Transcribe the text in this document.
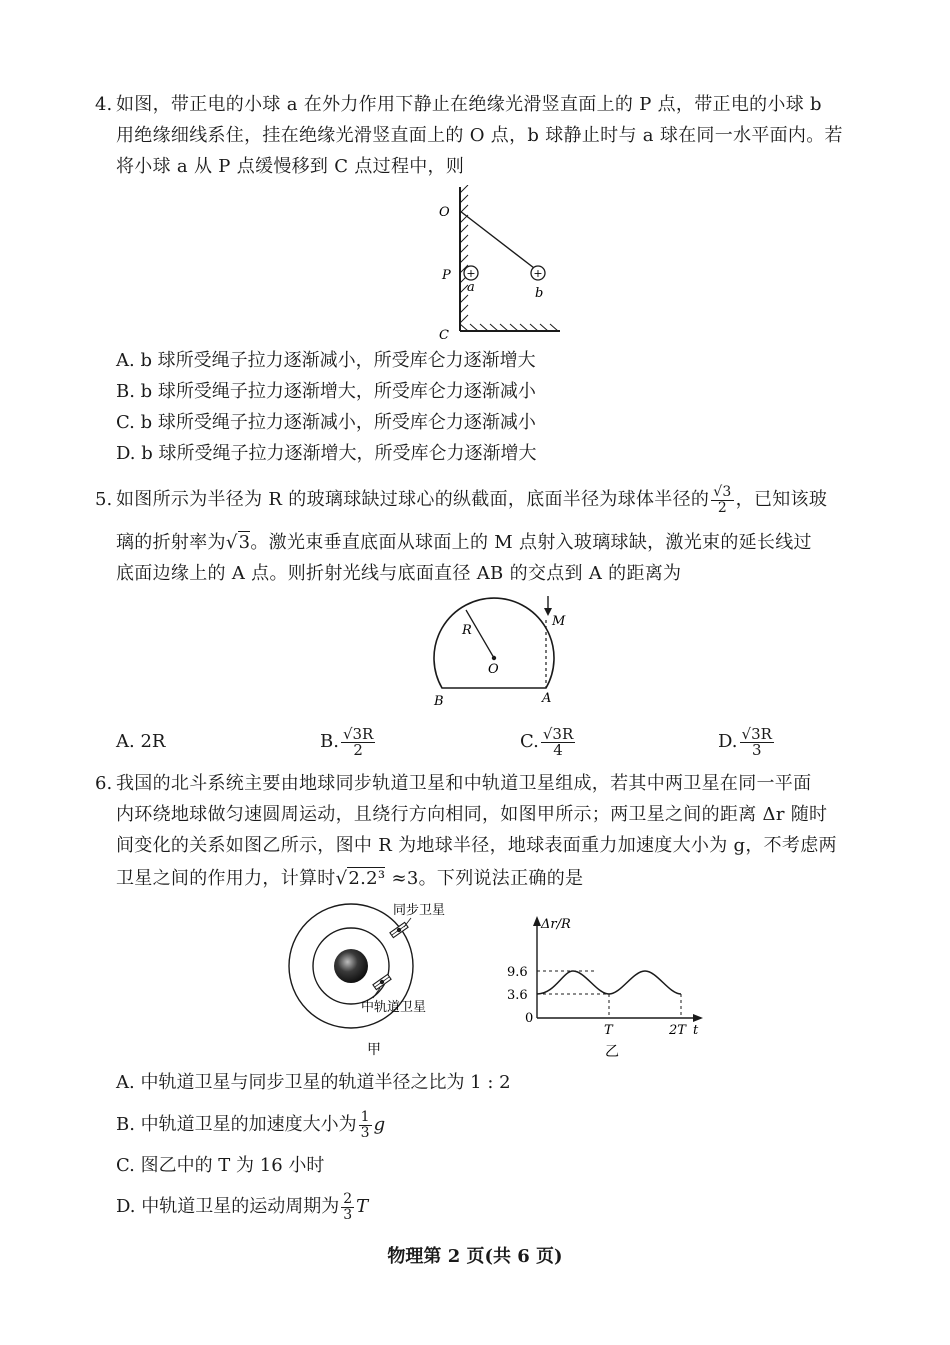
4. 如图，带正电的小球 a 在外力作用下静止在绝缘光滑竖直面上的 P 点，带正电的小球 b
用绝缘细线系住，挂在绝缘光滑竖直面上的 O 点，b 球静止时与 a 球在同一水平面内。若
将小球 a 从 P 点缓慢移到 C 点过程中，则
+	+
O
P
C
a	b
A. b 球所受绳子拉力逐渐减小，所受库仑力逐渐增大
B. b 球所受绳子拉力逐渐增大，所受库仑力逐渐减小
C. b 球所受绳子拉力逐渐减小，所受库仑力逐渐减小
D. b 球所受绳子拉力逐渐增大，所受库仑力逐渐增大
5. 如图所示为半径为 R 的玻璃球缺过球心的纵截面，底面半径为球体半径的 $\frac{√3}{2}$ ，已知该玻
璃的折射率为√3。激光束垂直底面从球面上的 M 点射入玻璃球缺，激光束的延长线过
底面边缘上的 A 点。则折射光线与底面直径 AB 的交点到 A 的距离为
R
O
M
A
B
A. 2R	B. $\frac{√3R}{2}$	C. $\frac{√3R}{4}$	D. $\frac{√3R}{3}$
6. 我国的北斗系统主要由地球同步轨道卫星和中轨道卫星组成，若其中两卫星在同一平面
内环绕地球做匀速圆周运动，且绕行方向相同，如图甲所示；两卫星之间的距离 Δr 随时
间变化的关系如图乙所示，图中 R 为地球半径，地球表面重力加速度大小为 g，不考虑两
卫星之间的作用力，计算时√2.2³ ≈3。下列说法正确的是
同步卫星
中轨道卫星
甲
Δr/R
9.6
3.6
0
T	2T t
乙
A. 中轨道卫星与同步卫星的轨道半径之比为 1 : 2
B. 中轨道卫星的加速度大小为 $\frac{1}{3}$ g
C. 图乙中的 T 为 16 小时
D. 中轨道卫星的运动周期为 $\frac{2}{3}$ T
物理第 2 页(共 6 页)
